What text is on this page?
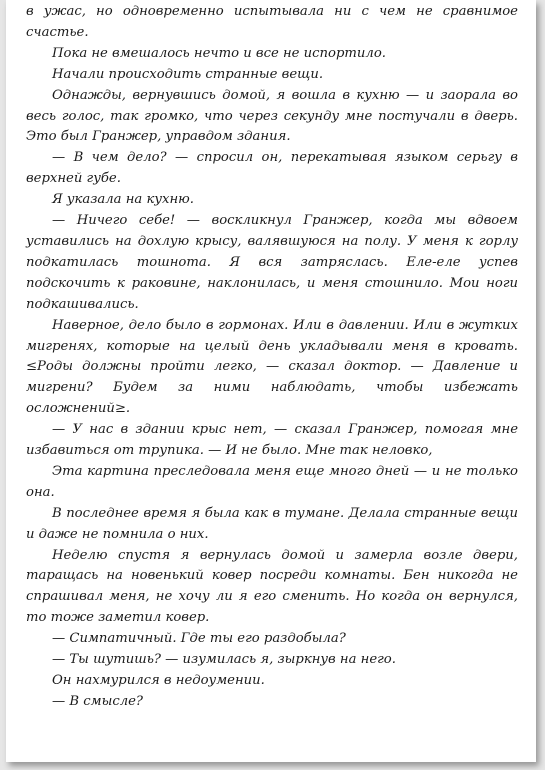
в ужас, но одновременно испытывала ни с чем не сравнимое счастье.

Пока не вмешалось нечто и все не испортило.

Начали происходить странные вещи.

Однажды, вернувшись домой, я вошла в кухню — и заорала во весь голос, так громко, что через секунду мне постучали в дверь. Это был Гранжер, управдом здания.

— В чем дело? — спросил он, перекатывая языком серьгу в верхней губе.

Я указала на кухню.

— Ничего себе! — воскликнул Гранжер, когда мы вдвоем уставились на дохлую крысу, валявшуюся на полу. У меня к горлу подкатилась тошнота. Я вся затряслась. Еле-еле успев подскочить к раковине, наклонилась, и меня стошнило. Мои ноги подкашивались.

Наверное, дело было в гормонах. Или в давлении. Или в жутких мигренях, которые на целый день укладывали меня в кровать. ≤Роды должны пройти легко, — сказал доктор. — Давление и мигрени? Будем за ними наблюдать, чтобы избежать осложнений≥.

— У нас в здании крыс нет, — сказал Гранжер, помогая мне избавиться от трупика. — И не было. Мне так неловко,

Эта картина преследовала меня еще много дней — и не только она.

В последнее время я была как в тумане. Делала странные вещи и даже не помнила о них.

Неделю спустя я вернулась домой и замерла возле двери, таращась на новенький ковер посреди комнаты. Бен никогда не спрашивал меня, не хочу ли я его сменить. Но когда он вернулся, то тоже заметил ковер.

— Симпатичный. Где ты его раздобыла?

— Ты шутишь? — изумилась я, зыркнув на него.

Он нахмурился в недоумении.

— В смысле?
